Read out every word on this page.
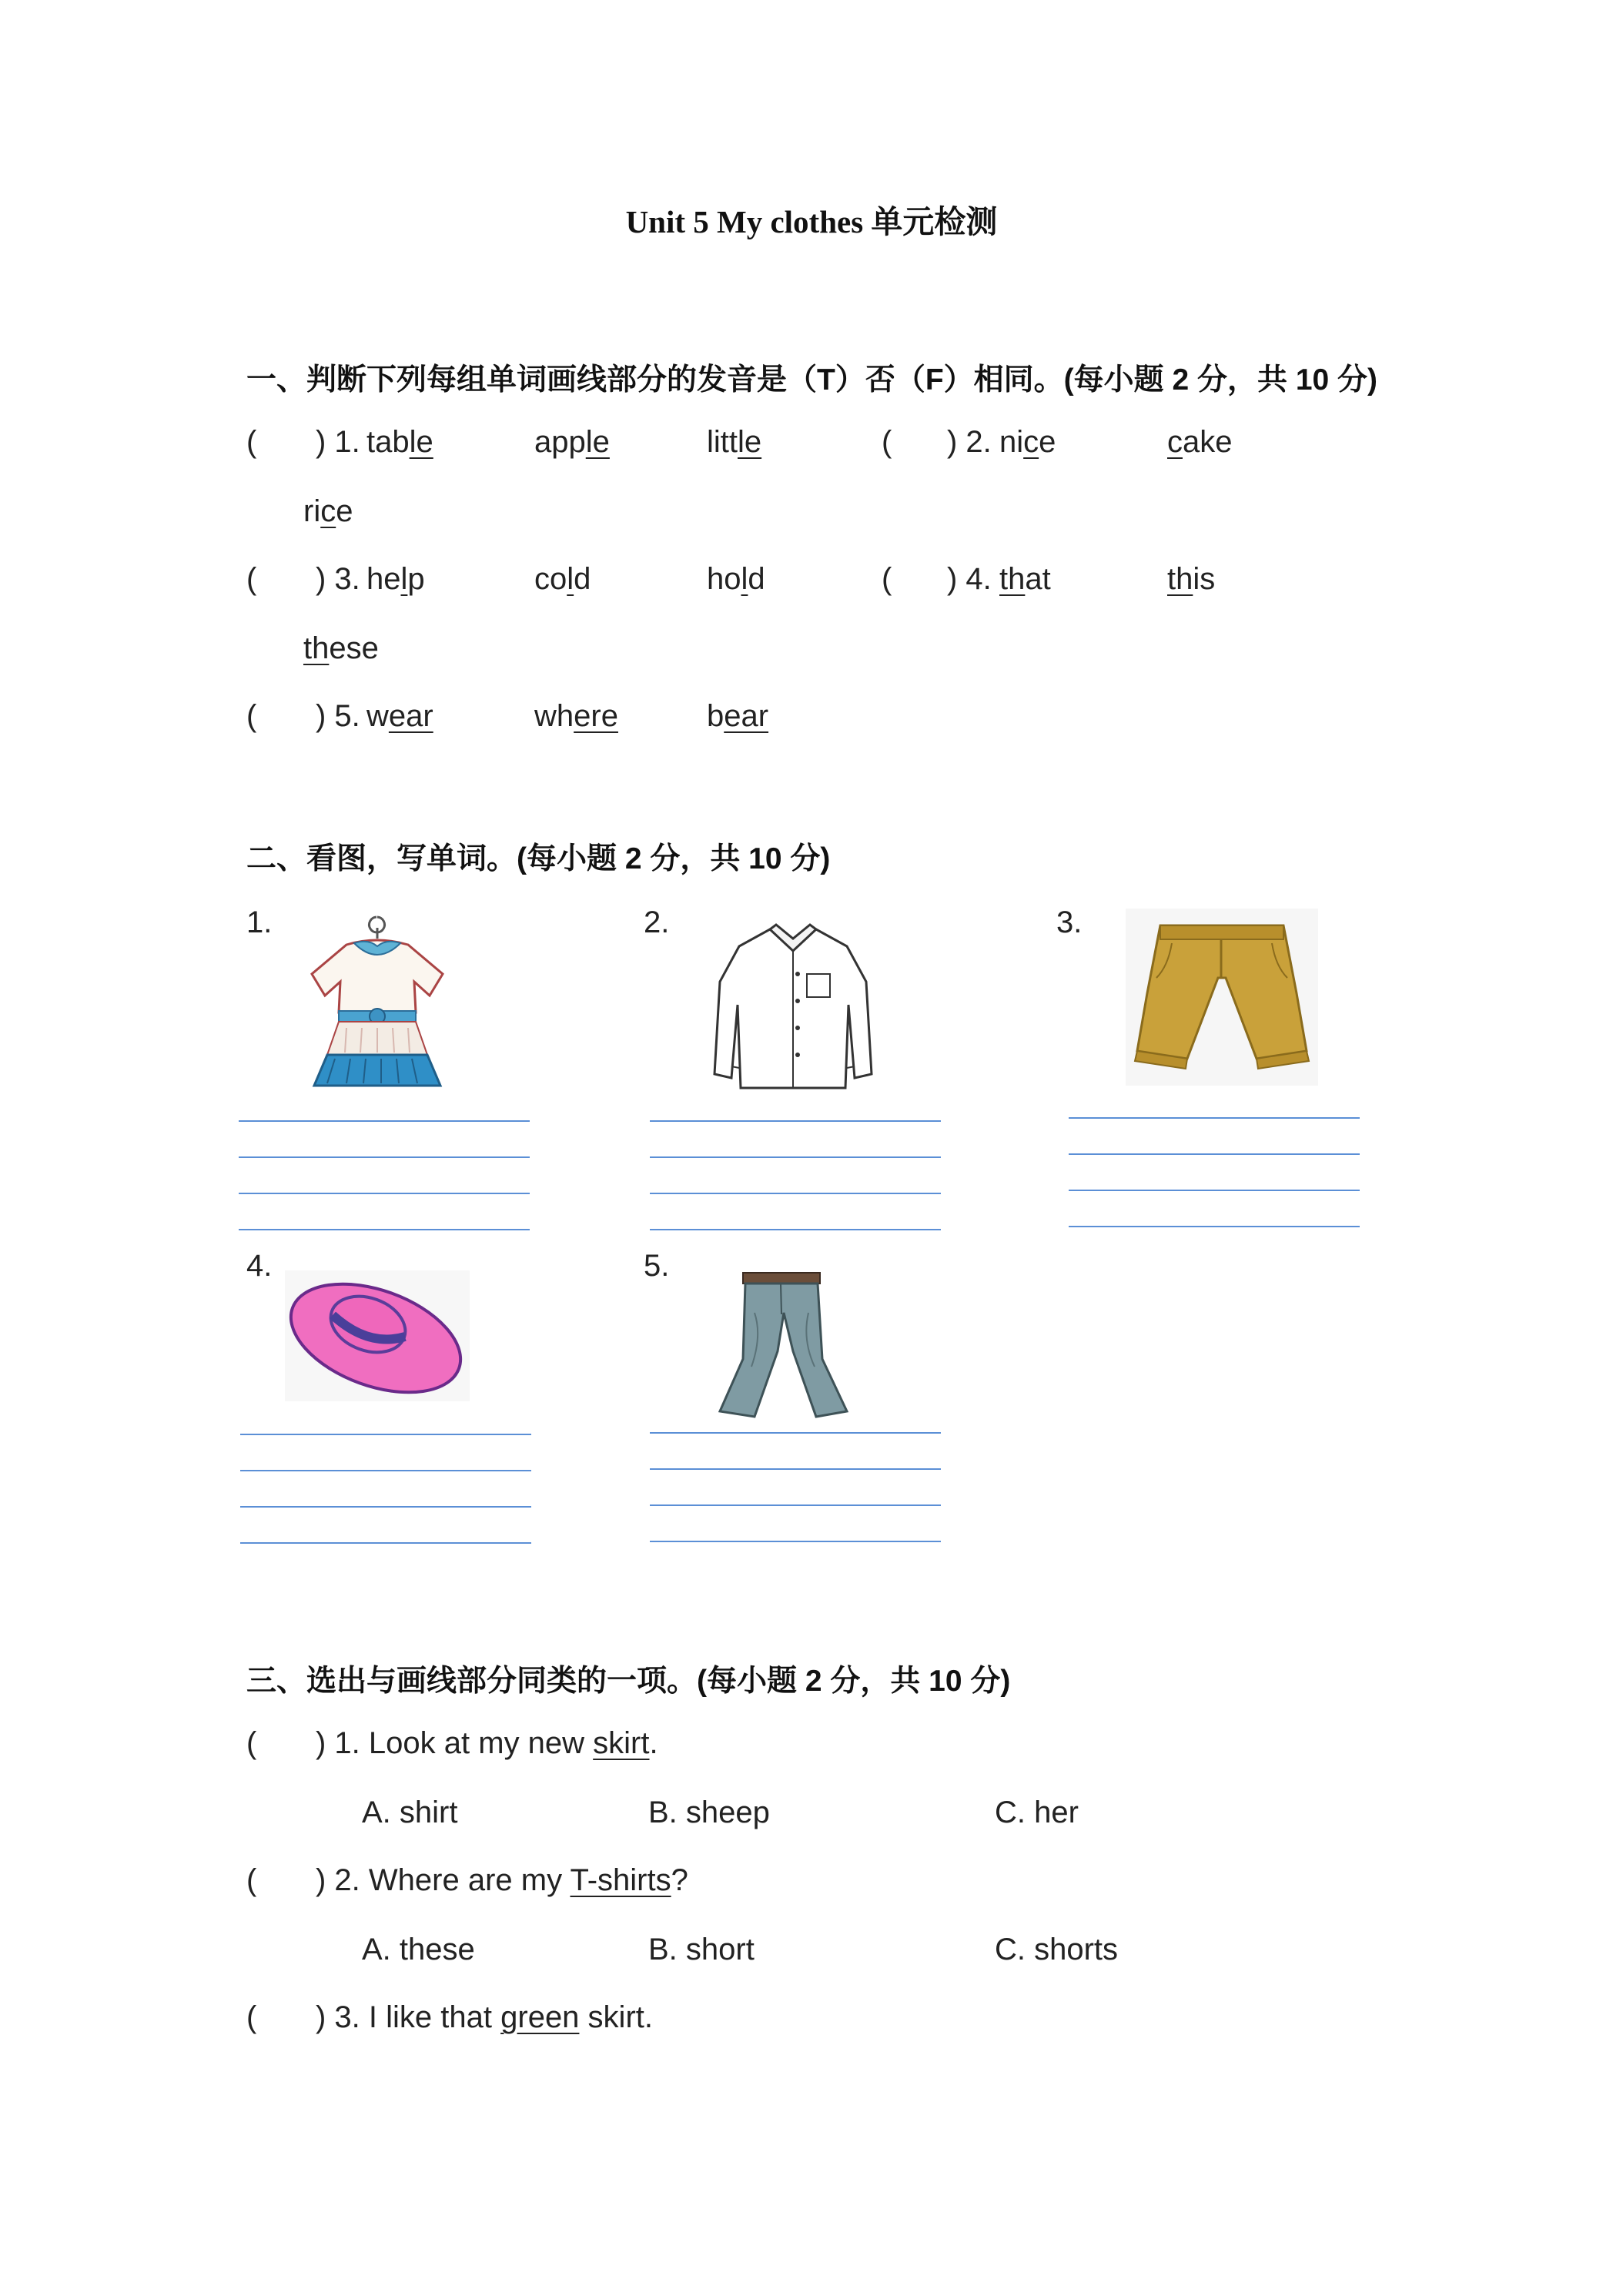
Unit 5 My clothes 单元检测
一、判断下列每组单词画线部分的发音是（T）否（F）相同。(每小题 2 分，共 10 分)
( ) 1. table	apple	little	( ) 2. nice	cake
rice
( ) 3. help	cold	hold	( ) 4. that	this
these
( ) 5. wear	where	bear
二、看图，写单词。(每小题 2 分，共 10 分)
1.	2.	3.
4.	5.
三、选出与画线部分同类的一项。(每小题 2 分，共 10 分)
( ) 1. Look at my new skirt.
A. shirt	B. sheep	C. her
( ) 2. Where are my T-shirts?
A. these	B. short	C. shorts
( ) 3. I like that green skirt.
